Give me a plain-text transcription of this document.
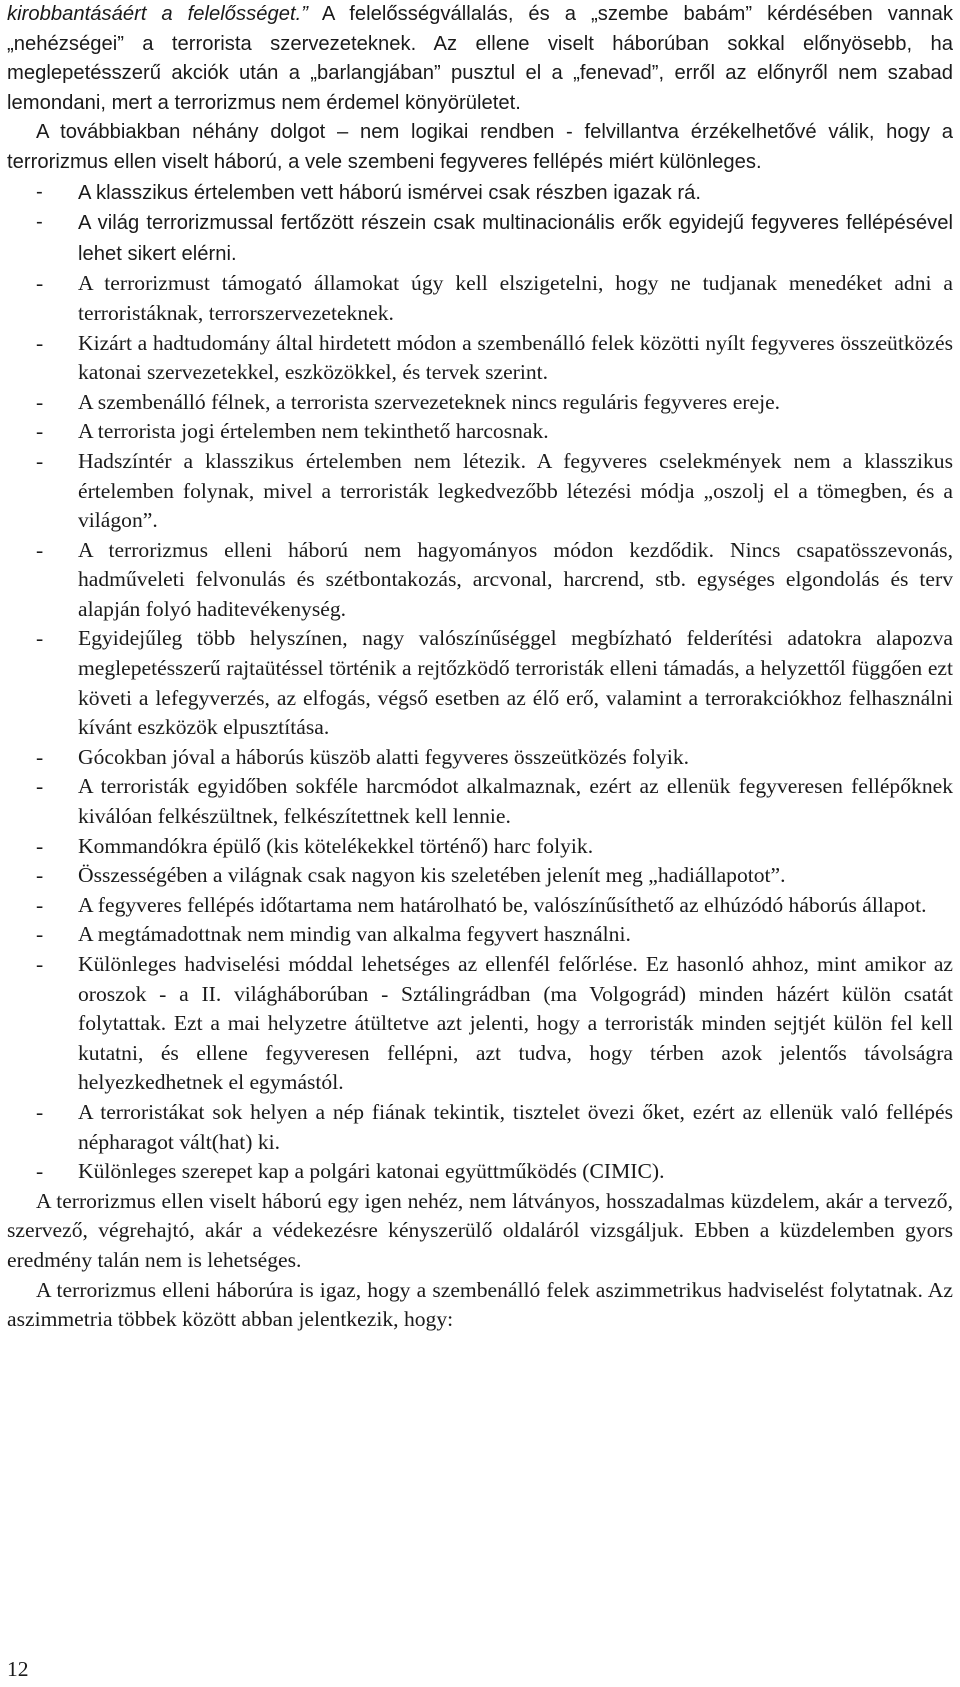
kirobbantásáért a felelősséget.” A felelősségvállalás, és a „szembe babám” kérdésében vannak „nehézségei” a terrorista szervezeteknek. Az ellene viselt háborúban sokkal előnyösebb, ha meglepetésszerű akciók után a „barlangjában” pusztul el a „fenevad”, erről az előnyről nem szabad lemondani, mert a terrorizmus nem érdemel könyörületet.

A továbbiakban néhány dolgot – nem logikai rendben - felvillantva érzékelhetővé válik, hogy a terrorizmus ellen viselt háború, a vele szembeni fegyveres fellépés miért különleges.

- A klasszikus értelemben vett háború ismérvei csak részben igazak rá.
- A világ terrorizmussal fertőzött részein csak multinacionális erők egyidejű fegyveres fellépésével lehet sikert elérni.
- A terrorizmust támogató államokat úgy kell elszigetelni, hogy ne tudjanak menedéket adni a terroristáknak, terrorszervezeteknek.
- Kizárt a hadtudomány által hirdetett módon a szembenálló felek közötti nyílt fegyveres összeütközés katonai szervezetekkel, eszközökkel, és tervek szerint.
- A szembenálló félnek, a terrorista szervezeteknek nincs reguláris fegyveres ereje.
- A terrorista jogi értelemben nem tekinthető harcosnak.
- Hadszíntér a klasszikus értelemben nem létezik. A fegyveres cselekmények nem a klasszikus értelemben folynak, mivel a terroristák legkedvezőbb létezési módja „oszolj el a tömegben, és a világon”.
- A terrorizmus elleni háború nem hagyományos módon kezdődik. Nincs csapatösszevonás, hadműveleti felvonulás és szétbontakozás, arcvonal, harcrend, stb. egységes elgondolás és terv alapján folyó haditevékenység.
- Egyidejűleg több helyszínen, nagy valószínűséggel megbízható felderítési adatokra alapozva meglepetésszerű rajtaütéssel történik a rejtőzködő terroristák elleni támadás, a helyzettől függően ezt követi a lefegyverzés, az elfogás, végső esetben az élő erő, valamint a terrorakciókhoz felhasználni kívánt eszközök elpusztítása.
- Gócokban jóval a háborús küszöb alatti fegyveres összeütközés folyik.
- A terroristák egyidőben sokféle harcmódot alkalmaznak, ezért az ellenük fegyveresen fellépőknek kiválóan felkészültnek, felkészítettnek kell lennie.
- Kommandókra épülő (kis kötelékekkel történő) harc folyik.
- Összességében a világnak csak nagyon kis szeletében jelenít meg „hadiállapotot”.
- A fegyveres fellépés időtartama nem határolható be, valószínűsíthető az elhúzódó háborús állapot.
- A megtámadottnak nem mindig van alkalma fegyvert használni.
- Különleges hadviselési móddal lehetséges az ellenfél felőrlése. Ez hasonló ahhoz, mint amikor az oroszok - a II. világháborúban - Sztálingrádban (ma Volgográd) minden házért külön csatát folytattak. Ezt a mai helyzetre átültetve azt jelenti, hogy a terroristák minden sejtjét külön fel kell kutatni, és ellene fegyveresen fellépni, azt tudva, hogy térben azok jelentős távolságra helyezkedhetnek el egymástól.
- A terroristákat sok helyen a nép fiának tekintik, tisztelet övezi őket, ezért az ellenük való fellépés népharagot vált(hat) ki.
- Különleges szerepet kap a polgári katonai együttműködés (CIMIC).

A terrorizmus ellen viselt háború egy igen nehéz, nem látványos, hosszadalmas küzdelem, akár a tervező, szervező, végrehajtó, akár a védekezésre kényszerülő oldaláról vizsgáljuk. Ebben a küzdelemben gyors eredmény talán nem is lehetséges.

A terrorizmus elleni háborúra is igaz, hogy a szembenálló felek aszimmetrikus hadviselést folytatnak. Az aszimmetria többek között abban jelentkezik, hogy:

12
